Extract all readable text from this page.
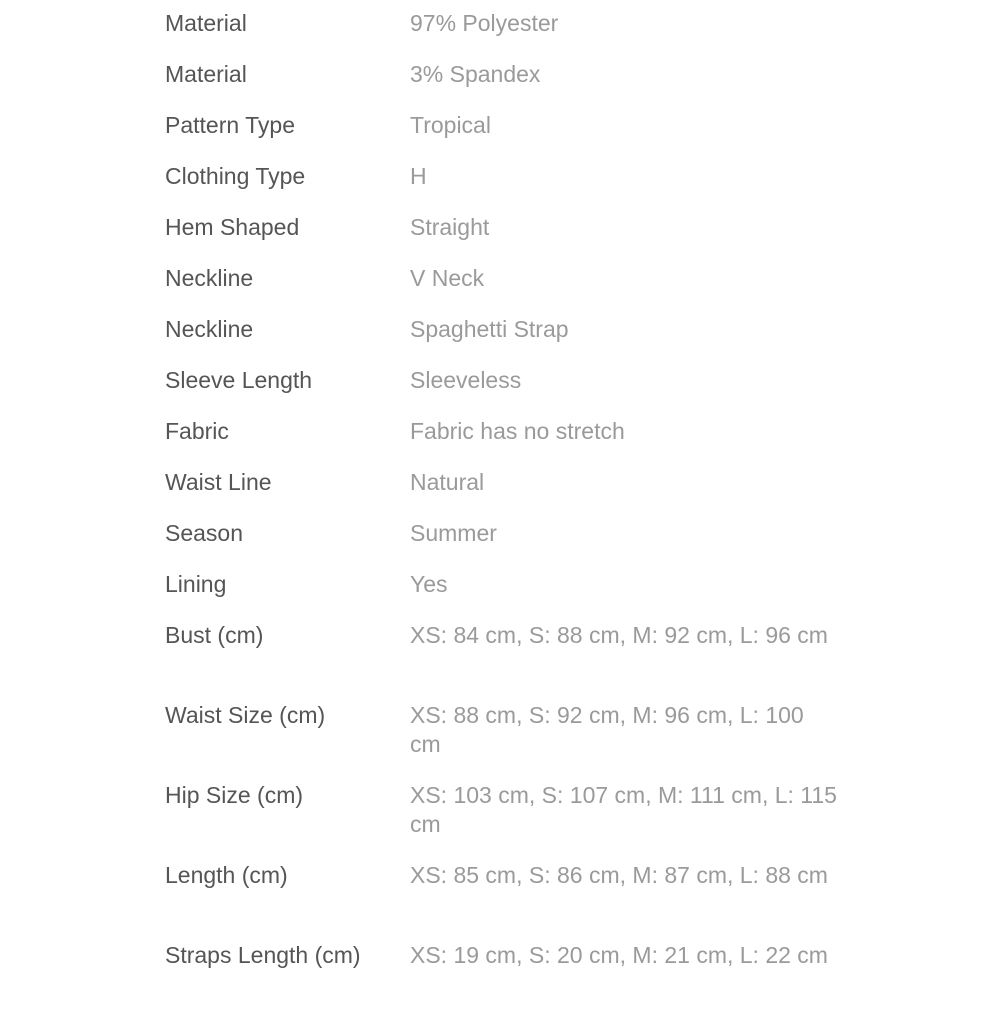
Material	97% Polyester
Material	3% Spandex
Pattern Type	Tropical
Clothing Type	H
Hem Shaped	Straight
Neckline	V Neck
Neckline	Spaghetti Strap
Sleeve Length	Sleeveless
Fabric	Fabric has no stretch
Waist Line	Natural
Season	Summer
Lining	Yes
Bust (cm)	XS: 84 cm, S: 88 cm, M: 92 cm, L: 96 cm
Waist Size (cm)	XS: 88 cm, S: 92 cm, M: 96 cm, L: 100 cm
Hip Size (cm)	XS: 103 cm, S: 107 cm, M: 111 cm, L: 115 cm
Length (cm)	XS: 85 cm, S: 86 cm, M: 87 cm, L: 88 cm
Straps Length (cm)	XS: 19 cm, S: 20 cm, M: 21 cm, L: 22 cm
